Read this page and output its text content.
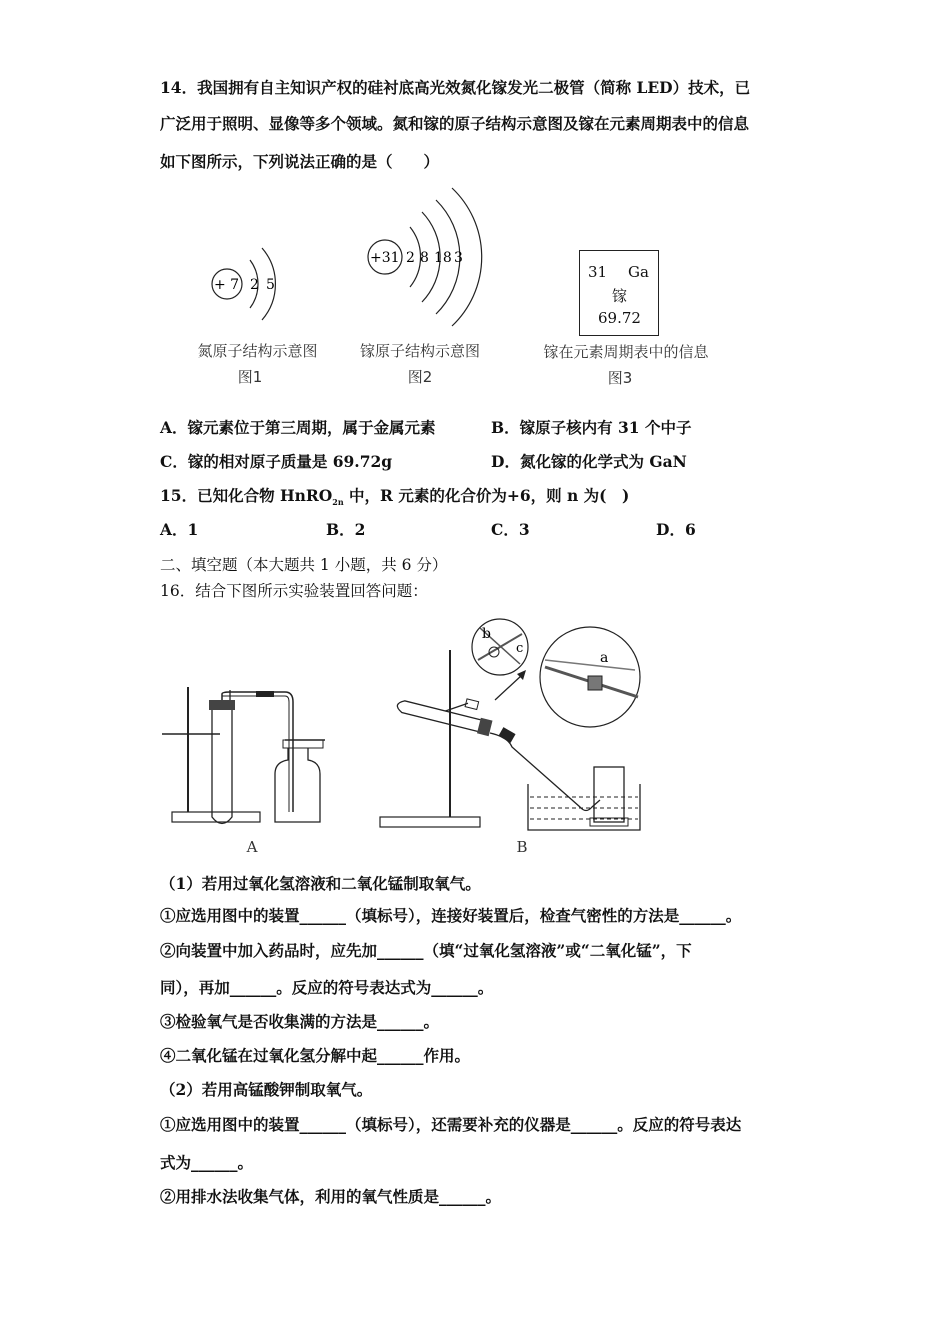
14．我国拥有自主知识产权的硅衬底高光效氮化镓发光二极管（简称 LED）技术，已
广泛用于照明、显像等多个领域。氮和镓的原子结构示意图及镓在元素周期表中的信息
如下图所示，下列说法正确的是（　　）
+ 7 2 5
氮原子结构示意图
图1
+31 2 8 18 3
镓原子结构示意图
图2
31 Ga
镓
69.72
镓在元素周期表中的信息
图3
A．镓元素位于第三周期，属于金属元素	B．镓原子核内有 31 个中子
C．镓的相对原子质量是 69.72g	D．氮化镓的化学式为 GaN
15．已知化合物 HnRO$_{2n}$ 中，R 元素的化合价为+6，则 n 为(　)
A．1	B．2	C．3	D．6
二、填空题（本大题共 1 小题，共 6 分）
16．结合下图所示实验装置回答问题：
b
c
a
A	B
（1）若用过氧化氢溶液和二氧化锰制取氧气。
①应选用图中的装置______（填标号），连接好装置后，检查气密性的方法是______。
②向装置中加入药品时，应先加______（填“过氧化氢溶液”或“二氧化锰”，下
同），再加______。反应的符号表达式为______。
③检验氧气是否收集满的方法是______。
④二氧化锰在过氧化氢分解中起______作用。
（2）若用高锰酸钾制取氧气。
①应选用图中的装置______（填标号），还需要补充的仪器是______。反应的符号表达
式为______。
②用排水法收集气体，利用的氧气性质是______。
